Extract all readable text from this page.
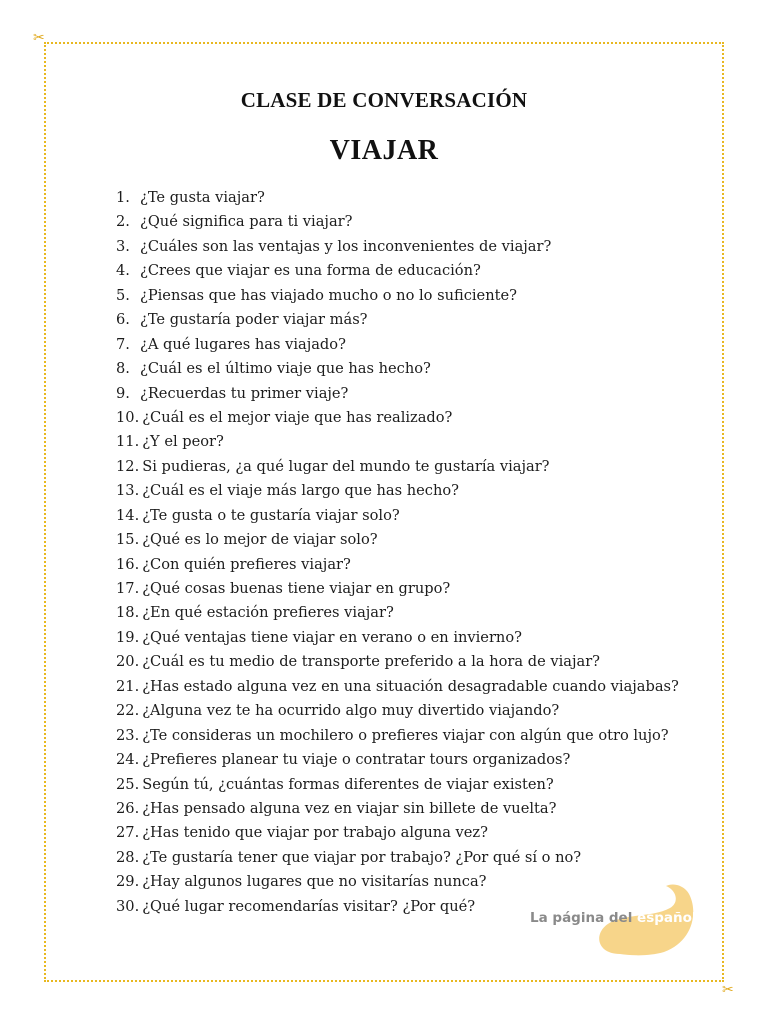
✂
✂
CLASE DE CONVERSACIÓN
VIAJAR
1. ¿Te gusta viajar?
2. ¿Qué significa para ti viajar?
3. ¿Cuáles son las ventajas y los inconvenientes de viajar?
4. ¿Crees que viajar es una forma de educación?
5. ¿Piensas que has viajado mucho o no lo suficiente?
6. ¿Te gustaría poder viajar más?
7. ¿A qué lugares has viajado?
8. ¿Cuál es el último viaje que has hecho?
9. ¿Recuerdas tu primer viaje?
10. ¿Cuál es el mejor viaje que has realizado?
11. ¿Y el peor?
12. Si pudieras, ¿a qué lugar del mundo te gustaría viajar?
13. ¿Cuál es el viaje más largo que has hecho?
14. ¿Te gusta o te gustaría viajar solo?
15. ¿Qué es lo mejor de viajar solo?
16. ¿Con quién prefieres viajar?
17. ¿Qué cosas buenas tiene viajar en grupo?
18. ¿En qué estación prefieres viajar?
19. ¿Qué ventajas tiene viajar en verano o en invierno?
20. ¿Cuál es tu medio de transporte preferido a la hora de viajar?
21. ¿Has estado alguna vez en una situación desagradable cuando viajabas?
22. ¿Alguna vez te ha ocurrido algo muy divertido viajando?
23. ¿Te consideras un mochilero o prefieres viajar con algún que otro lujo?
24. ¿Prefieres planear tu viaje o contratar tours organizados?
25. Según tú, ¿cuántas formas diferentes de viajar existen?
26. ¿Has pensado alguna vez en viajar sin billete de vuelta?
27. ¿Has tenido que viajar por trabajo alguna vez?
28. ¿Te gustaría tener que viajar por trabajo? ¿Por qué sí o no?
29. ¿Hay algunos lugares que no visitarías nunca?
30. ¿Qué lugar recomendarías visitar? ¿Por qué?
La página del español
